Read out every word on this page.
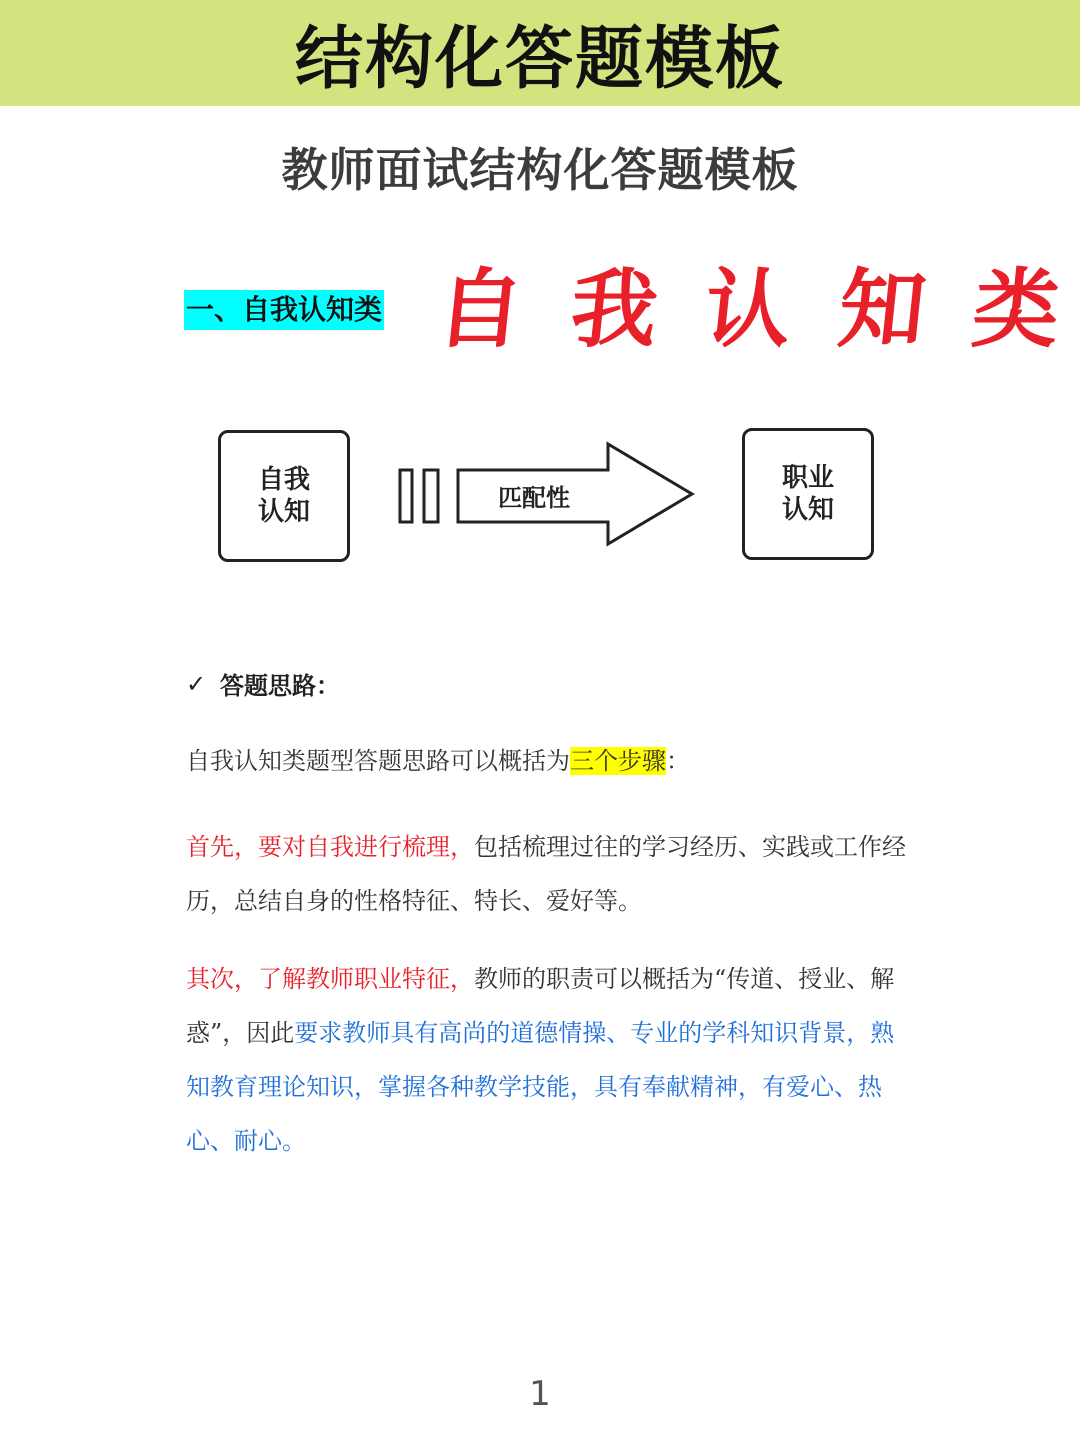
结构化答题模板
教师面试结构化答题模板
一、自我认知类 自 我 认 知 类
自我
认知	匹配性
职业
认知
✓ 答题思路：
自我认知类题型答题思路可以概括为三个步骤：
首先，要对自我进行梳理，包括梳理过往的学习经历、实践或工作经历，总结自身的性格特征、特长、爱好等。
其次，了解教师职业特征，教师的职责可以概括为“传道、授业、解惑”，因此要求教师具有高尚的道德情操、专业的学科知识背景，熟知教育理论知识，掌握各种教学技能，具有奉献精神，有爱心、热心、耐心。
1
